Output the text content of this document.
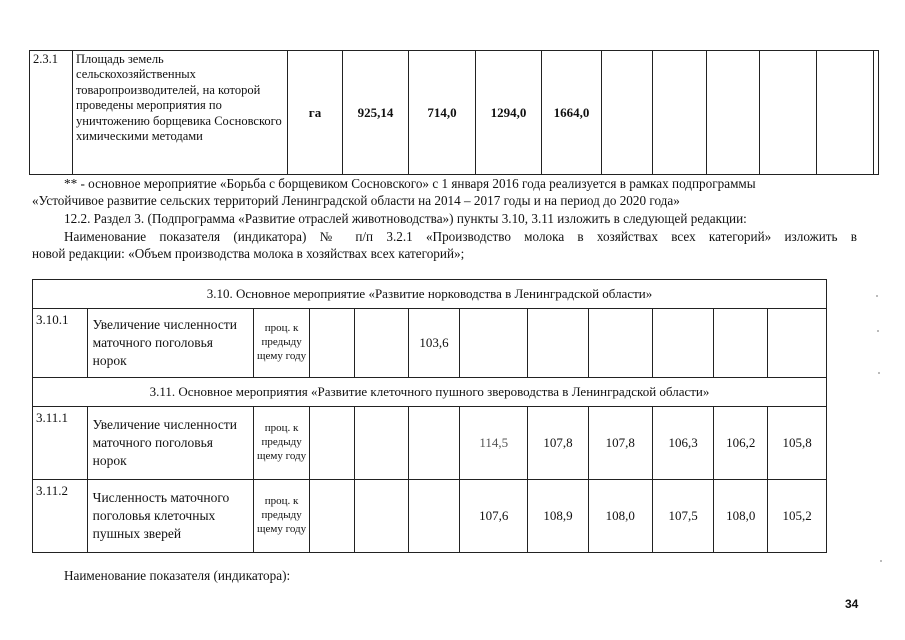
2.3.1	Площадь земель сельскохозяйственных товаропроизводителей, на которой проведены мероприятия по уничтожению борщевика Сосновского химическими методами	га	925,14	714,0	1294,0	1664,0						

** - основное мероприятие «Борьба с борщевиком Сосновского» с 1 января 2016 года реализуется в рамках подпрограммы

«Устойчивое развитие сельских территорий Ленинградской области на 2014 – 2017 годы и на период до 2020 года»

12.2. Раздел 3. (Подпрограмма «Развитие отраслей животноводства») пункты 3.10, 3.11 изложить в следующей редакции:

Наименование показателя (индикатора) № п/п 3.2.1 «Производство молока в хозяйствах всех категорий» изложить в

новой редакции: «Объем производства молока в хозяйствах всех категорий»;

3.10. Основное мероприятие «Развитие норководства в Ленинградской области»											
3.10.1	Увеличение численности маточного поголовья норок	проц. к предыду щему году			103,6						
3.11. Основное мероприятия «Развитие клеточного пушного звероводства в Ленинградской области»											
3.11.1	Увеличение численности маточного поголовья норок	проц. к предыду щему году				114,5	107,8	107,8	106,3	106,2	105,8
3.11.2	Численность маточного поголовья клеточных пушных зверей	проц. к предыду щему году				107,6	108,9	108,0	107,5	108,0	105,2

Наименование показателя (индикатора):

34
